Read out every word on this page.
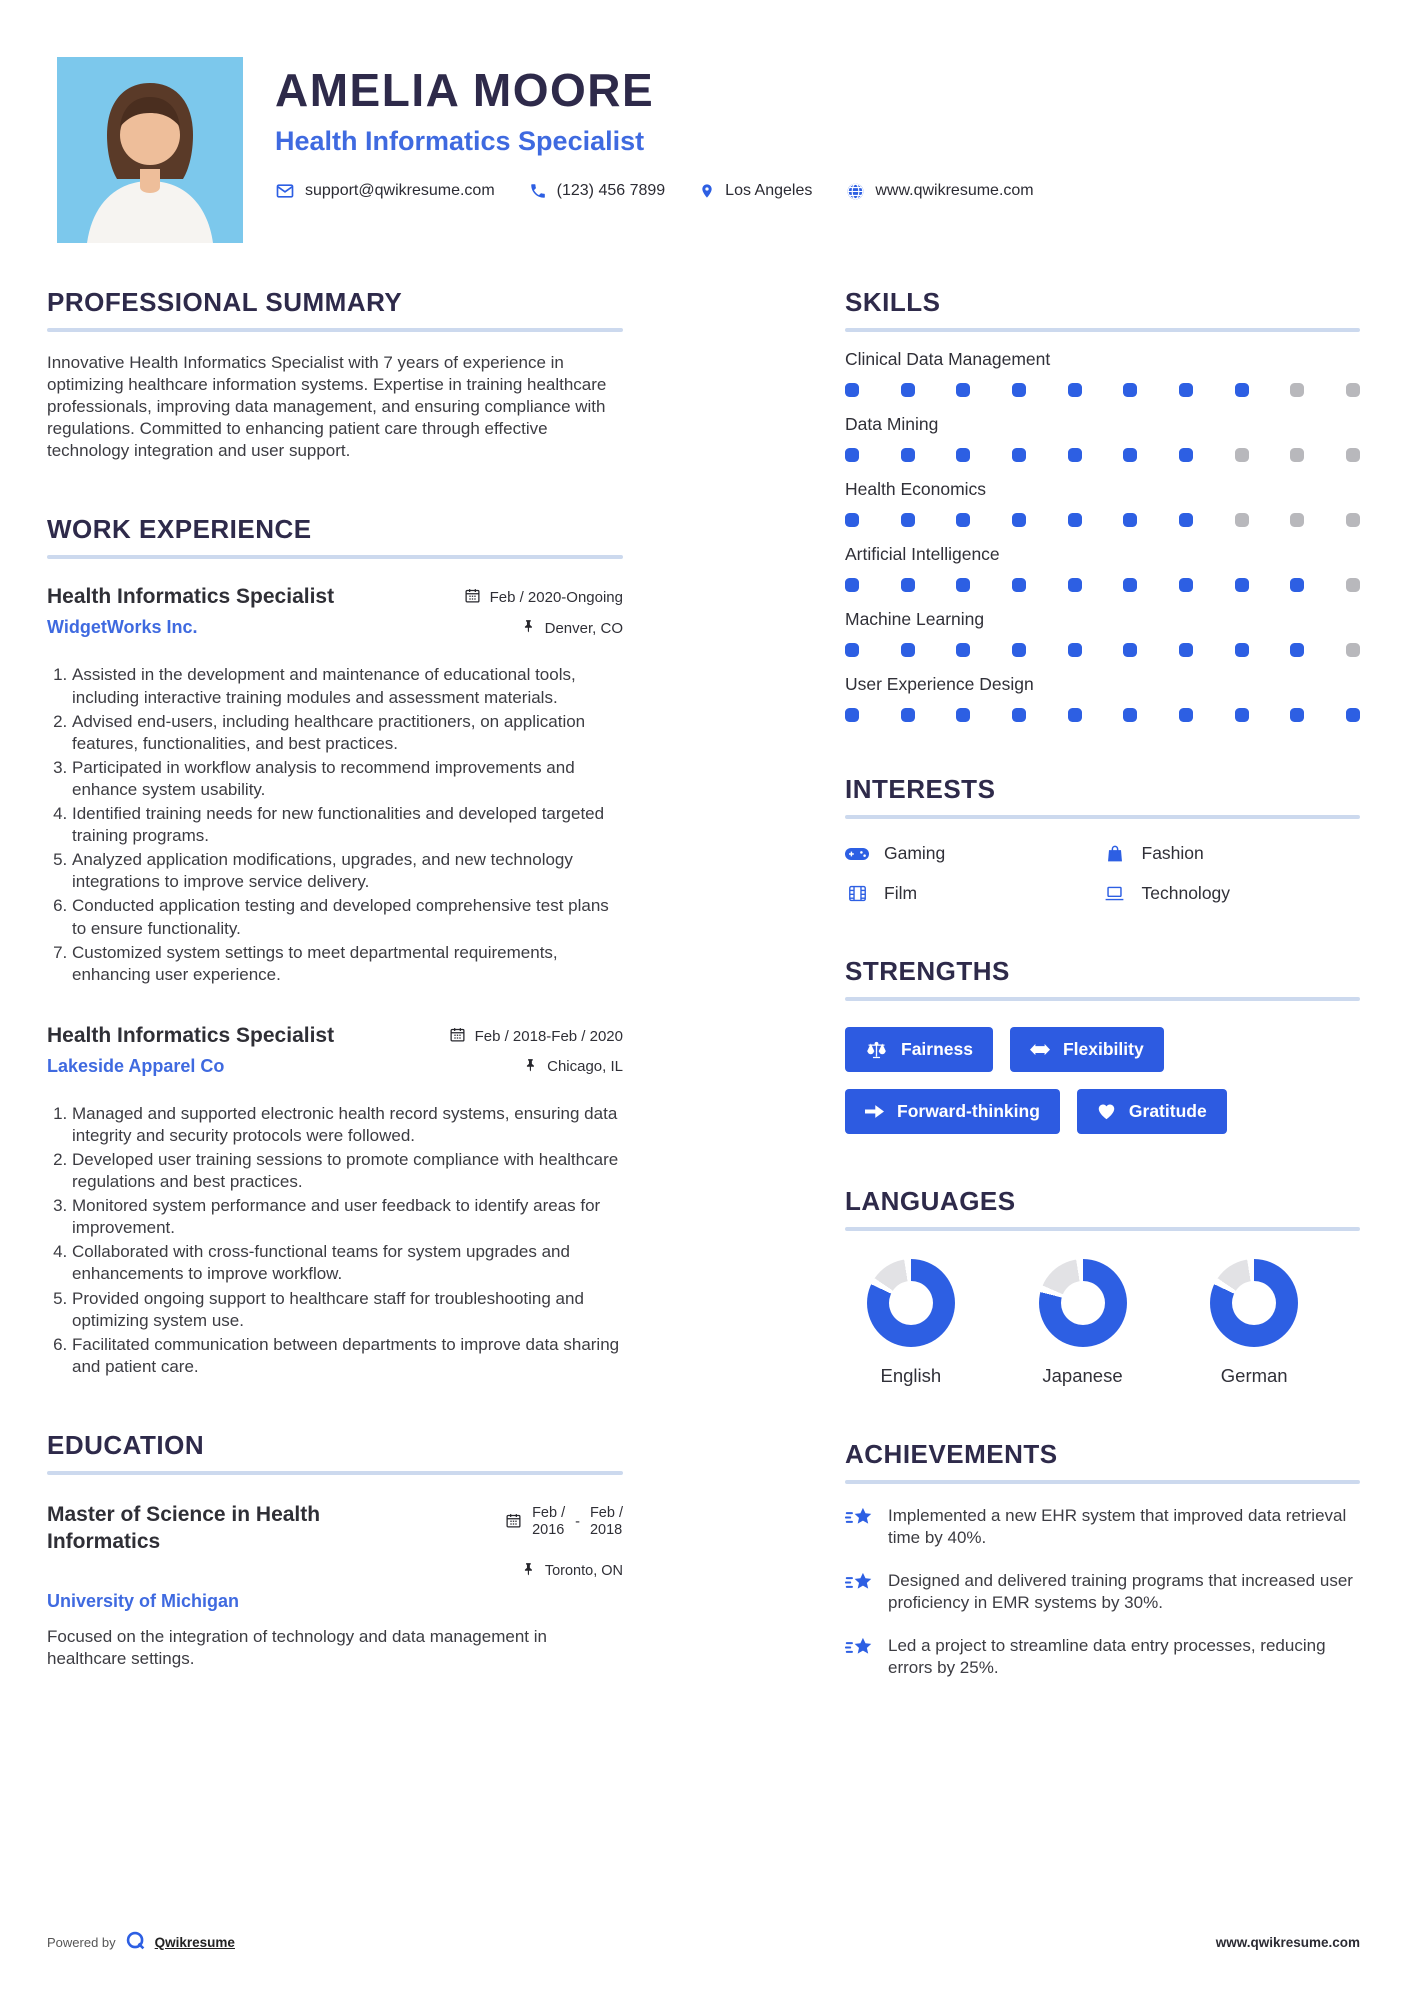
AMELIA MOORE
Health Informatics Specialist
support@qwikresume.com	(123) 456 7899	Los Angeles	www.qwikresume.com
PROFESSIONAL SUMMARY

Innovative Health Informatics Specialist with 7 years of experience in optimizing healthcare information systems. Expertise in training healthcare professionals, improving data management, and ensuring compliance with regulations. Committed to enhancing patient care through effective technology integration and user support.

WORK EXPERIENCE
Health Informatics Specialist
WidgetWorks Inc.
Feb / 2020-Ongoing
Denver, CO
1. Assisted in the development and maintenance of educational tools, including interactive training modules and assessment materials.
2. Advised end-users, including healthcare practitioners, on application features, functionalities, and best practices.
3. Participated in workflow analysis to recommend improvements and enhance system usability.
4. Identified training needs for new functionalities and developed targeted training programs.
5. Analyzed application modifications, upgrades, and new technology integrations to improve service delivery.
6. Conducted application testing and developed comprehensive test plans to ensure functionality.
7. Customized system settings to meet departmental requirements, enhancing user experience.
Health Informatics Specialist
Lakeside Apparel Co
Feb / 2018-Feb / 2020
Chicago, IL
1. Managed and supported electronic health record systems, ensuring data integrity and security protocols were followed.
2. Developed user training sessions to promote compliance with healthcare regulations and best practices.
3. Monitored system performance and user feedback to identify areas for improvement.
4. Collaborated with cross-functional teams for system upgrades and enhancements to improve workflow.
5. Provided ongoing support to healthcare staff for troubleshooting and optimizing system use.
6. Facilitated communication between departments to improve data sharing and patient care.
EDUCATION
Master of Science in Health Informatics
Feb /
2016 -
Feb /
2018
Toronto, ON
University of Michigan

Focused on the integration of technology and data management in healthcare settings.

SKILLS
Clinical Data Management
Data Mining
Health Economics
Artificial Intelligence
Machine Learning
User Experience Design
INTERESTS
Gaming	Fashion
Film	Technology
STRENGTHS
Fairness	Flexibility
Forward-thinking	Gratitude
LANGUAGES
English	Japanese	German
ACHIEVEMENTS
Implemented a new EHR system that improved data retrieval time by 40%.
Designed and delivered training programs that increased user proficiency in EMR systems by 30%.
Led a project to streamline data entry processes, reducing errors by 25%.
Powered by	Qwikresume	www.qwikresume.com
